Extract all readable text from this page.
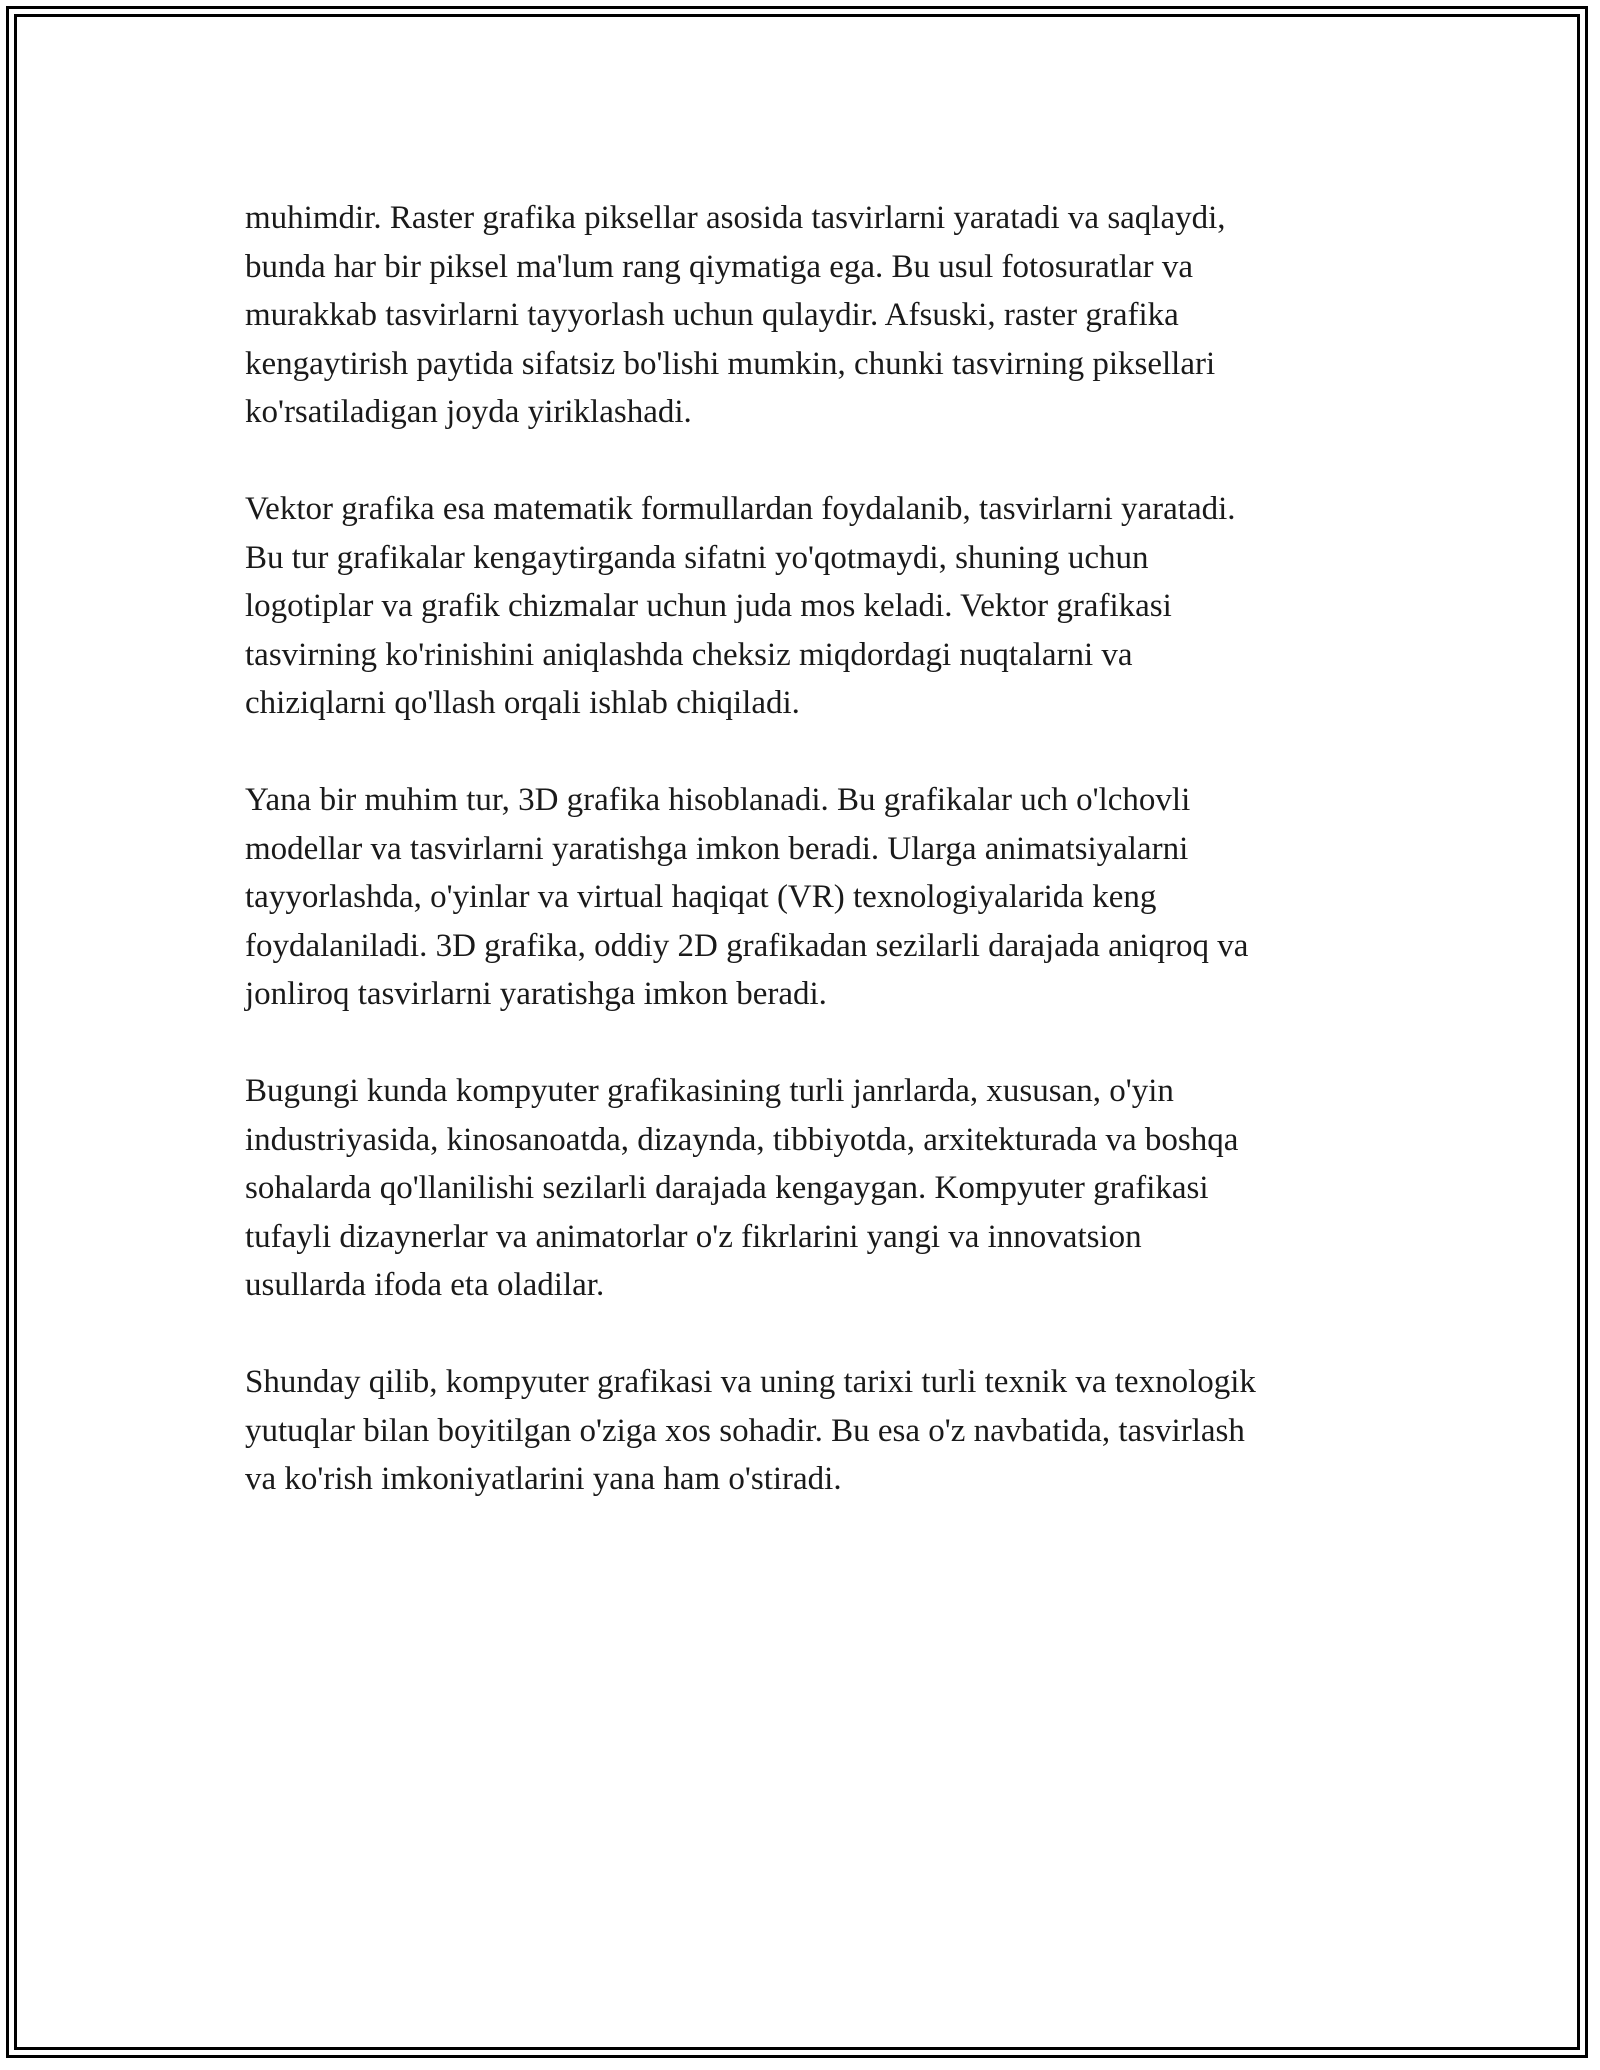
muhimdir. Raster grafika piksellar asosida tasvirlarni yaratadi va saqlaydi,
bunda har bir piksel ma'lum rang qiymatiga ega. Bu usul fotosuratlar va
murakkab tasvirlarni tayyorlash uchun qulaydir. Afsuski, raster grafika
kengaytirish paytida sifatsiz bo'lishi mumkin, chunki tasvirning piksellari
ko'rsatiladigan joyda yiriklashadi.

Vektor grafika esa matematik formullardan foydalanib, tasvirlarni yaratadi.
Bu tur grafikalar kengaytirganda sifatni yo'qotmaydi, shuning uchun
logotiplar va grafik chizmalar uchun juda mos keladi. Vektor grafikasi
tasvirning ko'rinishini aniqlashda cheksiz miqdordagi nuqtalarni va
chiziqlarni qo'llash orqali ishlab chiqiladi.

Yana bir muhim tur, 3D grafika hisoblanadi. Bu grafikalar uch o'lchovli
modellar va tasvirlarni yaratishga imkon beradi. Ularga animatsiyalarni
tayyorlashda, o'yinlar va virtual haqiqat (VR) texnologiyalarida keng
foydalaniladi. 3D grafika, oddiy 2D grafikadan sezilarli darajada aniqroq va
jonliroq tasvirlarni yaratishga imkon beradi.

Bugungi kunda kompyuter grafikasining turli janrlarda, xususan, o'yin
industriyasida, kinosanoatda, dizaynda, tibbiyotda, arxitekturada va boshqa
sohalarda qo'llanilishi sezilarli darajada kengaygan. Kompyuter grafikasi
tufayli dizaynerlar va animatorlar o'z fikrlarini yangi va innovatsion
usullarda ifoda eta oladilar.

Shunday qilib, kompyuter grafikasi va uning tarixi turli texnik va texnologik
yutuqlar bilan boyitilgan o'ziga xos sohadir. Bu esa o'z navbatida, tasvirlash
va ko'rish imkoniyatlarini yana ham o'stiradi.
